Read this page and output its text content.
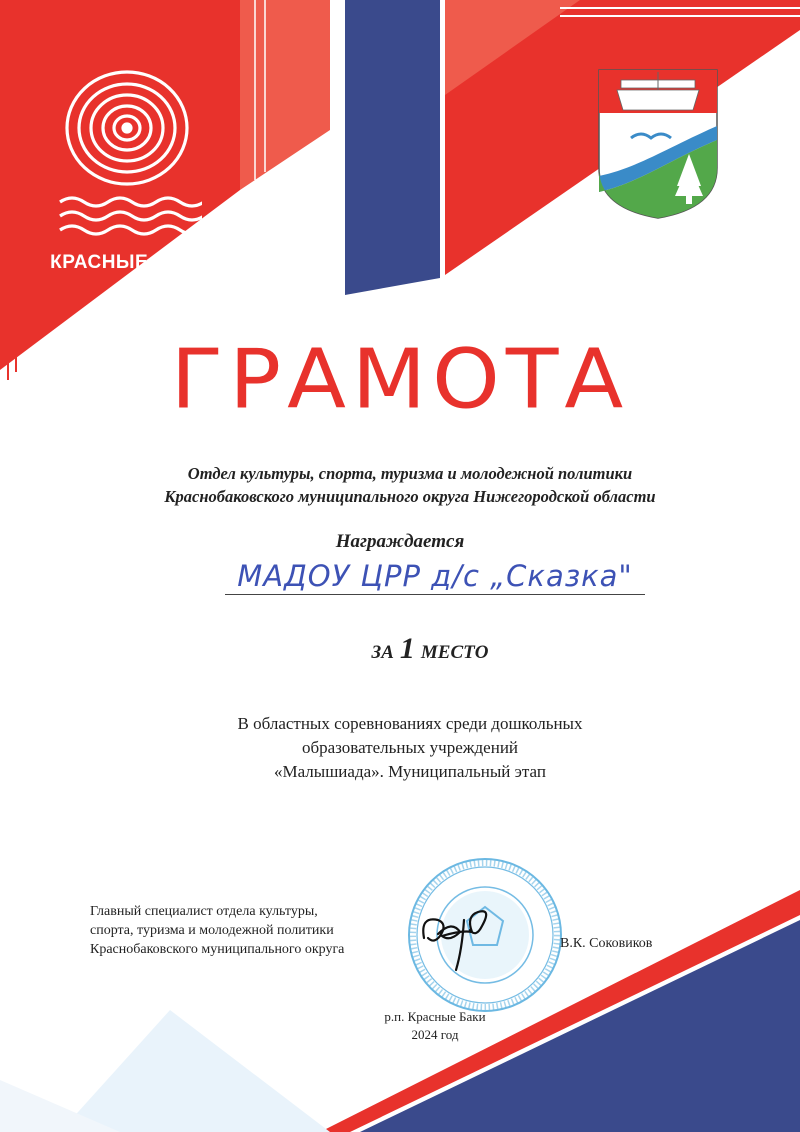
КРАСНЫЕ БАКИ
ГРАМОТА
Отдел культуры, спорта, туризма и молодежной политики
Краснобаковского муниципального округа Нижегородской области
Награждается
МАДОУ ЦРР д/с „Сказка"
ЗА 1 МЕСТО
В областных соревнованиях среди дошкольных
образовательных учреждений
«Малышиада». Муниципальный этап
Главный специалист отдела культуры,
спорта, туризма и молодежной политики
Краснобаковского муниципального округа	В.К. Соковиков
р.п. Красные Баки
2024 год
